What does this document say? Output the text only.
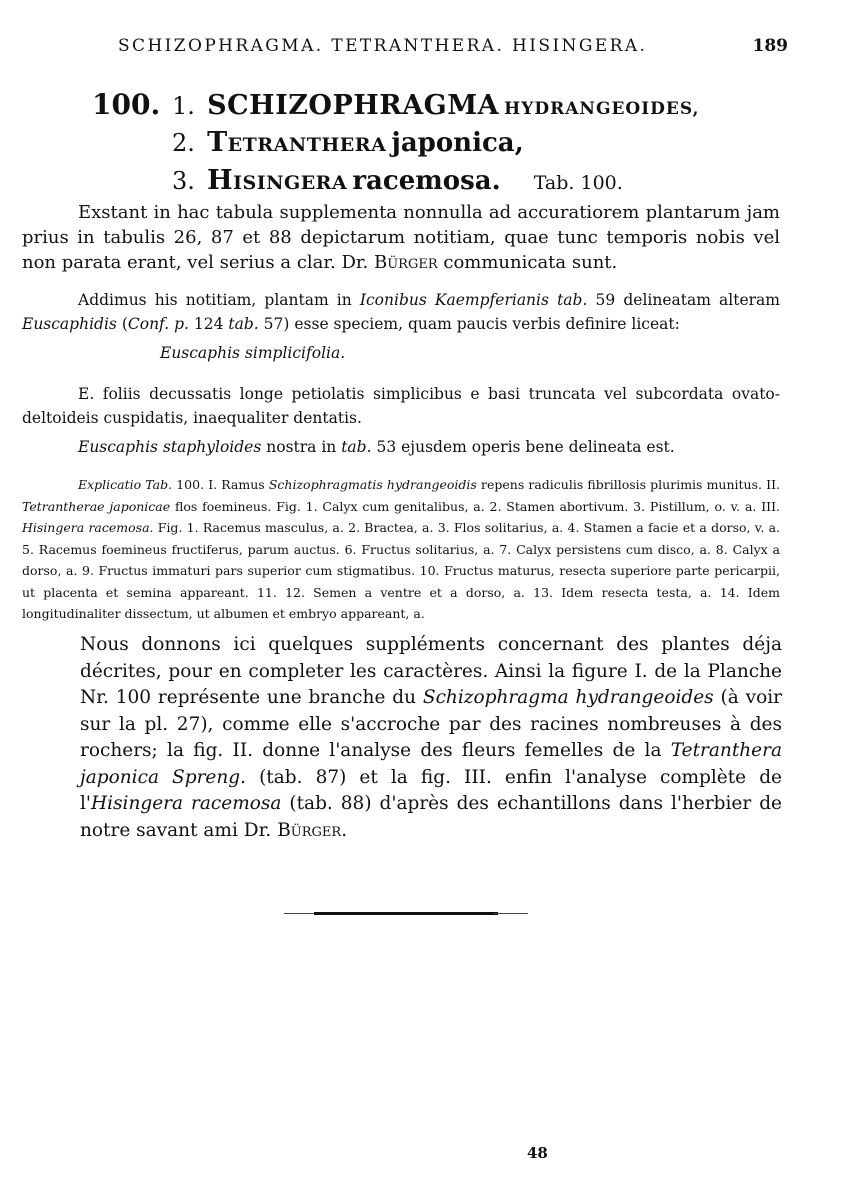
SCHIZOPHRAGMA. TETRANTHERA. HISINGERA.	189
100. 1. SCHIZOPHRAGMA HYDRANGEOIDES,
2. Tetranthera japonica,
3. Hisingera racemosa. Tab. 100.
Exstant in hac tabula supplementa nonnulla ad accuratiorem plantarum jam prius in tabulis 26, 87 et 88 depictarum notitiam, quae tunc temporis nobis vel non parata erant, vel serius a clar. Dr. Bürger communicata sunt.
Addimus his notitiam, plantam in Iconibus Kaempferianis tab. 59 delineatam alteram Euscaphidis (Conf. p. 124 tab. 57) esse speciem, quam paucis verbis definire liceat:
Euscaphis simplicifolia.
E. foliis decussatis longe petiolatis simplicibus e basi truncata vel subcordata ovato-deltoideis cuspidatis, inaequaliter dentatis.
Euscaphis staphyloides nostra in tab. 53 ejusdem operis bene delineata est.
Explicatio Tab. 100. I. Ramus Schizophragmatis hydrangeoidis repens radiculis fibrillosis plurimis munitus. II. Tetrantherae japonicae flos foemineus. Fig. 1. Calyx cum genitalibus, a. 2. Stamen abortivum. 3. Pistillum, o. v. a. III. Hisingera racemosa. Fig. 1. Racemus masculus, a. 2. Bractea, a. 3. Flos solitarius, a. 4. Stamen a facie et a dorso, v. a. 5. Racemus foemineus fructiferus, parum auctus. 6. Fructus solitarius, a. 7. Calyx persistens cum disco, a. 8. Calyx a dorso, a. 9. Fructus immaturi pars superior cum stigmatibus. 10. Fructus maturus, resecta superiore parte pericarpii, ut placenta et semina appareant. 11. 12. Semen a ventre et a dorso, a. 13. Idem resecta testa, a. 14. Idem longitudinaliter dissectum, ut albumen et embryo appareant, a.
Nous donnons ici quelques suppléments concernant des plantes déja décrites, pour en completer les caractères. Ainsi la figure I. de la Planche Nr. 100 représente une branche du Schizophragma hydrangeoides (à voir sur la pl. 27), comme elle s'accroche par des racines nombreuses à des rochers; la fig. II. donne l'analyse des fleurs femelles de la Tetranthera japonica Spreng. (tab. 87) et la fig. III. enfin l'analyse complète de l'Hisingera racemosa (tab. 88) d'après des echantillons dans l'herbier de notre savant ami Dr. Bürger.
48
